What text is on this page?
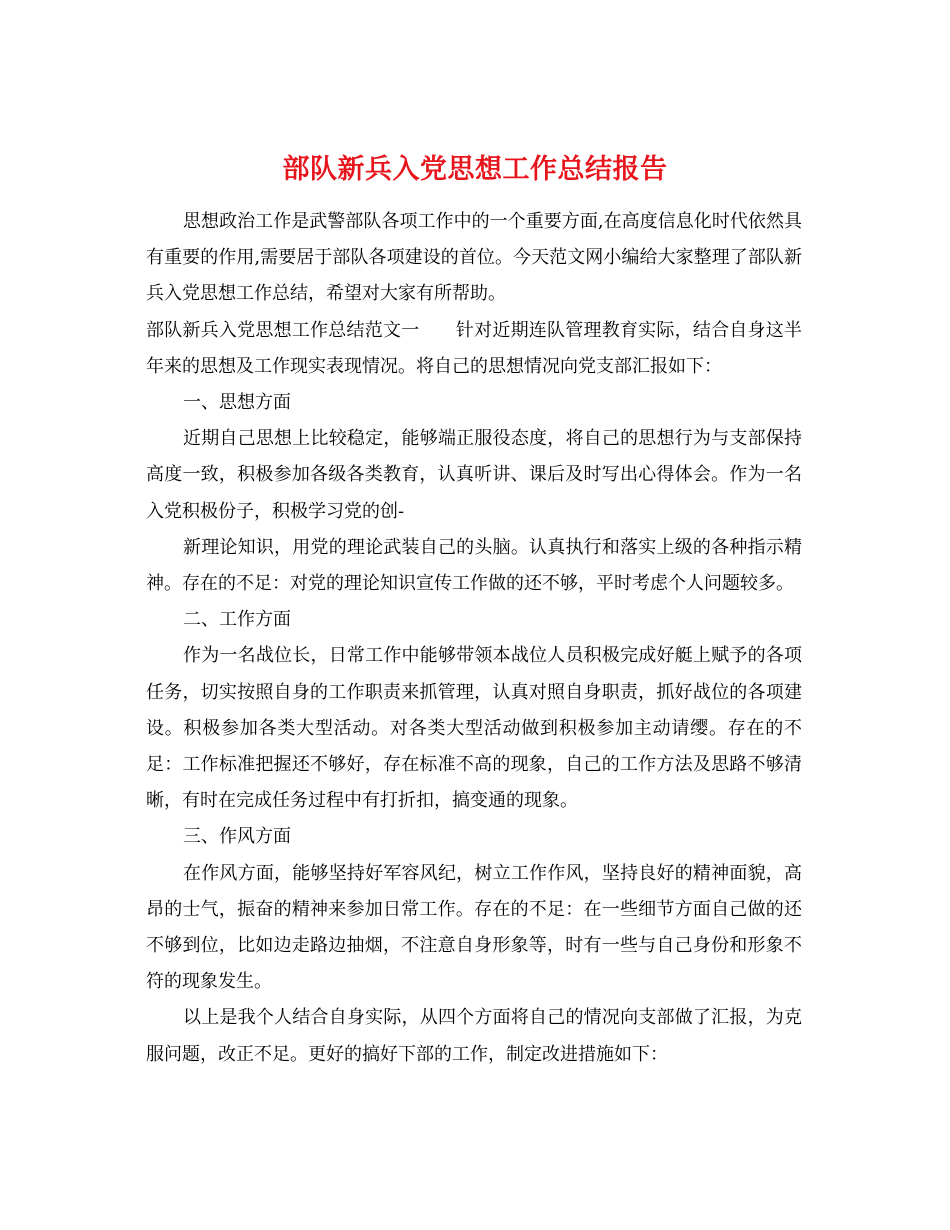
部队新兵入党思想工作总结报告

思想政治工作是武警部队各项工作中的一个重要方面,在高度信息化时代依然具有重要的作用,需要居于部队各项建设的首位。今天范文网小编给大家整理了部队新兵入党思想工作总结，希望对大家有所帮助。

部队新兵入党思想工作总结范文一　　针对近期连队管理教育实际，结合自身这半年来的思想及工作现实表现情况。将自己的思想情况向党支部汇报如下：

一、思想方面

近期自己思想上比较稳定，能够端正服役态度，将自己的思想行为与支部保持高度一致，积极参加各级各类教育，认真听讲、课后及时写出心得体会。作为一名入党积极份子，积极学习党的创-

新理论知识，用党的理论武装自己的头脑。认真执行和落实上级的各种指示精神。存在的不足：对党的理论知识宣传工作做的还不够，平时考虑个人问题较多。

二、工作方面

作为一名战位长，日常工作中能够带领本战位人员积极完成好艇上赋予的各项任务，切实按照自身的工作职责来抓管理，认真对照自身职责，抓好战位的各项建设。积极参加各类大型活动。对各类大型活动做到积极参加主动请缨。存在的不足：工作标准把握还不够好，存在标准不高的现象，自己的工作方法及思路不够清晰，有时在完成任务过程中有打折扣，搞变通的现象。

三、作风方面

在作风方面，能够坚持好军容风纪，树立工作作风，坚持良好的精神面貌，高昂的士气，振奋的精神来参加日常工作。存在的不足：在一些细节方面自己做的还不够到位，比如边走路边抽烟，不注意自身形象等，时有一些与自己身份和形象不符的现象发生。

以上是我个人结合自身实际，从四个方面将自己的情况向支部做了汇报，为克服问题，改正不足。更好的搞好下部的工作，制定改进措施如下：
